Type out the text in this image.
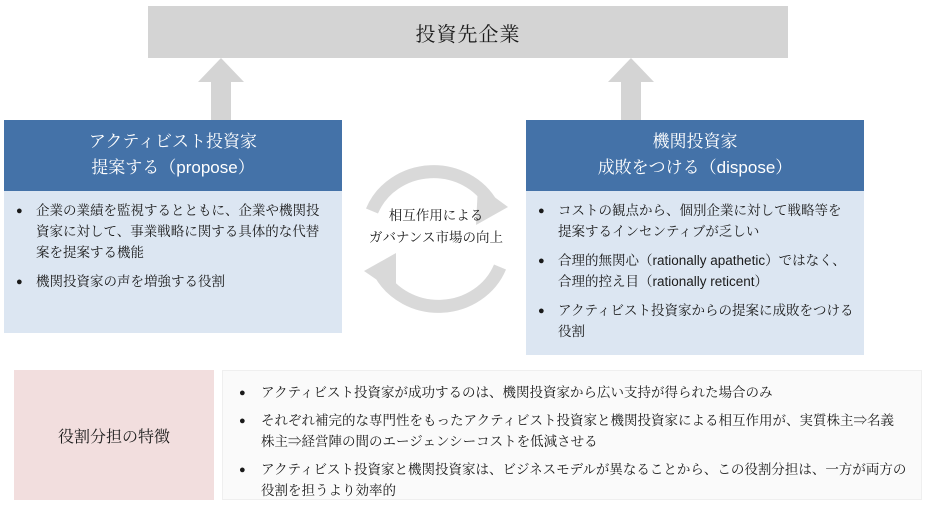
投資先企業
アクティビスト投資家
提案する（propose）
● 企業の業績を監視するとともに、企業や機関投資家に対して、事業戦略に関する具体的な代替案を提案する機能
● 機関投資家の声を増強する役割
機関投資家
成敗をつける（dispose）
● コストの観点から、個別企業に対して戦略等を提案するインセンティブが乏しい
● 合理的無関心（rationally apathetic）ではなく、合理的控え目（rationally reticent）
● アクティビスト投資家からの提案に成敗をつける役割
相互作用による
ガバナンス市場の向上
役割分担の特徴
● アクティビスト投資家が成功するのは、機関投資家から広い支持が得られた場合のみ
● それぞれ補完的な専門性をもったアクティビスト投資家と機関投資家による相互作用が、実質株主⇒名義株主⇒経営陣の間のエージェンシーコストを低減させる
● アクティビスト投資家と機関投資家は、ビジネスモデルが異なることから、この役割分担は、一方が両方の役割を担うより効率的
